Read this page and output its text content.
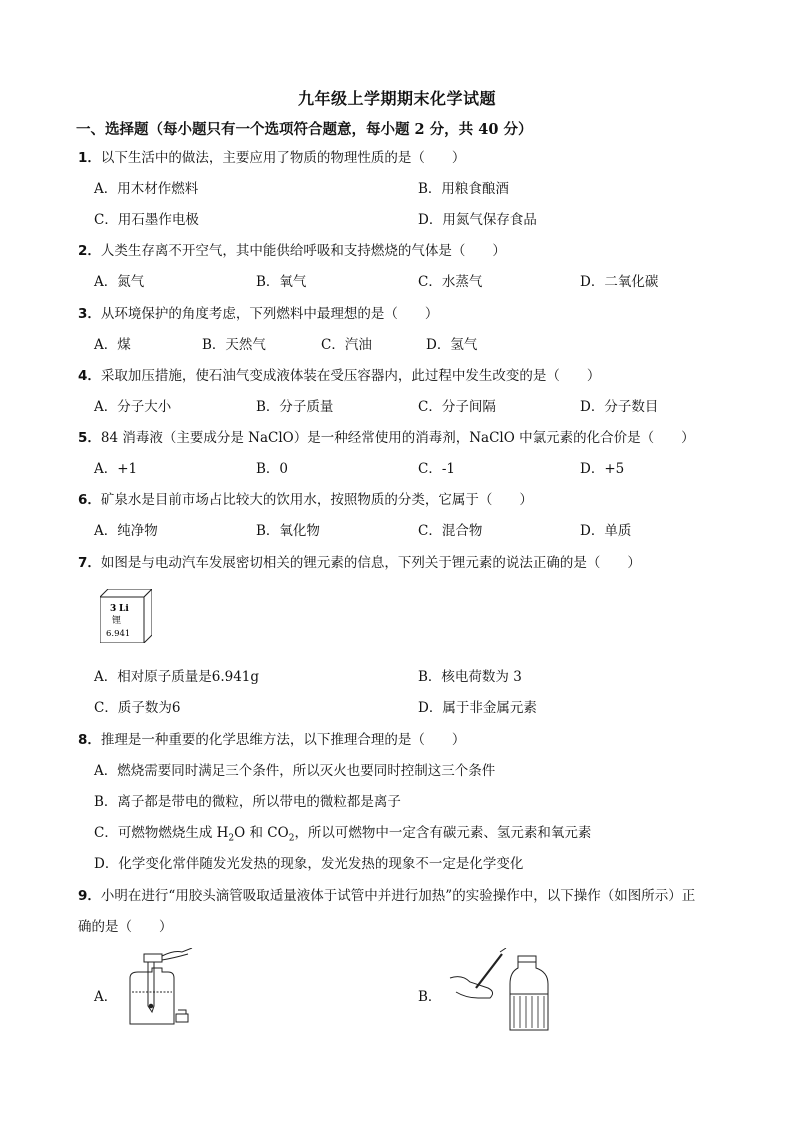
九年级上学期期末化学试题
一、选择题（每小题只有一个选项符合题意，每小题 2 分，共 40 分）
1．以下生活中的做法，主要应用了物质的物理性质的是（　　）
A．用木材作燃料	B．用粮食酿酒
C．用石墨作电极	D．用氮气保存食品
2．人类生存离不开空气，其中能供给呼吸和支持燃烧的气体是（　　）
A．氮气	B．氧气	C．水蒸气	D．二氧化碳
3．从环境保护的角度考虑，下列燃料中最理想的是（　　）
A．煤	B．天然气	C．汽油	D．氢气
4．采取加压措施，使石油气变成液体装在受压容器内，此过程中发生改变的是（　　）
A．分子大小	B．分子质量	C．分子间隔	D．分子数目
5．84 消毒液（主要成分是 NaClO）是一种经常使用的消毒剂，NaClO 中氯元素的化合价是（　　）
A．+1	B．0	C．-1	D．+5
6．矿泉水是目前市场占比较大的饮用水，按照物质的分类，它属于（　　）
A．纯净物	B．氧化物	C．混合物	D．单质
7．如图是与电动汽车发展密切相关的锂元素的信息，下列关于锂元素的说法正确的是（　　）
3 Li
锂
6.941
A．相对原子质量是6.941g	B．核电荷数为 3
C．质子数为6	D．属于非金属元素
8．推理是一种重要的化学思维方法，以下推理合理的是（　　）
A．燃烧需要同时满足三个条件，所以灭火也要同时控制这三个条件
B．离子都是带电的微粒，所以带电的微粒都是离子
C．可燃物燃烧生成 $H_2O$ 和 $CO_2$，所以可燃物中一定含有碳元素、氢元素和氧元素
D．化学变化常伴随发光发热的现象，发光发热的现象不一定是化学变化
9．小明在进行“用胶头滴管吸取适量液体于试管中并进行加热”的实验操作中，以下操作（如图所示）正
确的是（　　）
A．	B．
